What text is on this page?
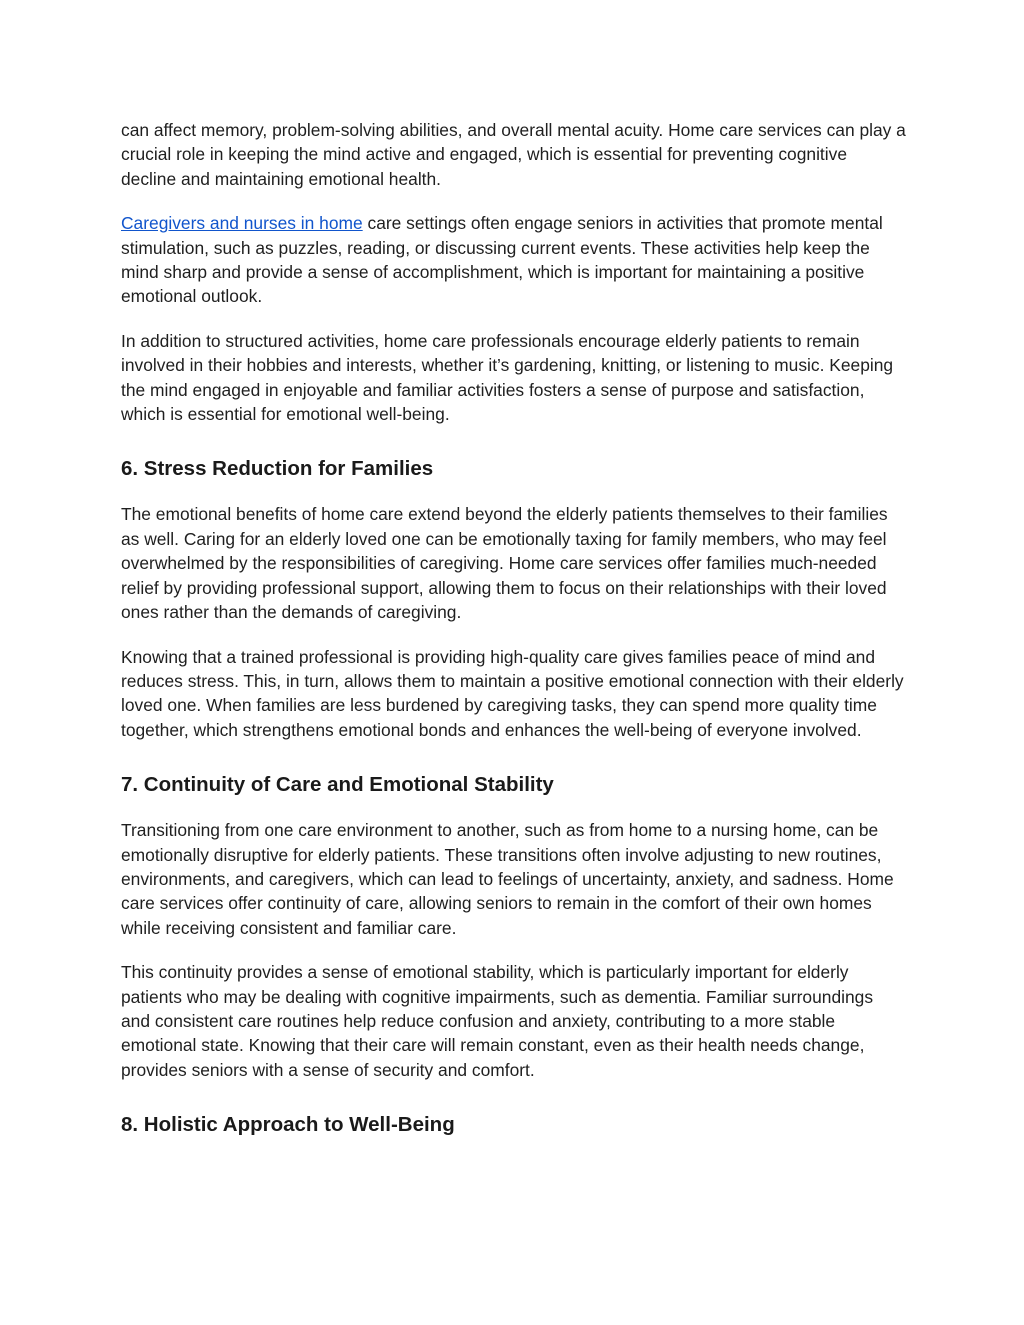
can affect memory, problem-solving abilities, and overall mental acuity. Home care services can play a crucial role in keeping the mind active and engaged, which is essential for preventing cognitive decline and maintaining emotional health.

Caregivers and nurses in home care settings often engage seniors in activities that promote mental stimulation, such as puzzles, reading, or discussing current events. These activities help keep the mind sharp and provide a sense of accomplishment, which is important for maintaining a positive emotional outlook.

In addition to structured activities, home care professionals encourage elderly patients to remain involved in their hobbies and interests, whether it’s gardening, knitting, or listening to music. Keeping the mind engaged in enjoyable and familiar activities fosters a sense of purpose and satisfaction, which is essential for emotional well-being.

6. Stress Reduction for Families

The emotional benefits of home care extend beyond the elderly patients themselves to their families as well. Caring for an elderly loved one can be emotionally taxing for family members, who may feel overwhelmed by the responsibilities of caregiving. Home care services offer families much-needed relief by providing professional support, allowing them to focus on their relationships with their loved ones rather than the demands of caregiving.

Knowing that a trained professional is providing high-quality care gives families peace of mind and reduces stress. This, in turn, allows them to maintain a positive emotional connection with their elderly loved one. When families are less burdened by caregiving tasks, they can spend more quality time together, which strengthens emotional bonds and enhances the well-being of everyone involved.

7. Continuity of Care and Emotional Stability

Transitioning from one care environment to another, such as from home to a nursing home, can be emotionally disruptive for elderly patients. These transitions often involve adjusting to new routines, environments, and caregivers, which can lead to feelings of uncertainty, anxiety, and sadness. Home care services offer continuity of care, allowing seniors to remain in the comfort of their own homes while receiving consistent and familiar care.

This continuity provides a sense of emotional stability, which is particularly important for elderly patients who may be dealing with cognitive impairments, such as dementia. Familiar surroundings and consistent care routines help reduce confusion and anxiety, contributing to a more stable emotional state. Knowing that their care will remain constant, even as their health needs change, provides seniors with a sense of security and comfort.

8. Holistic Approach to Well-Being
